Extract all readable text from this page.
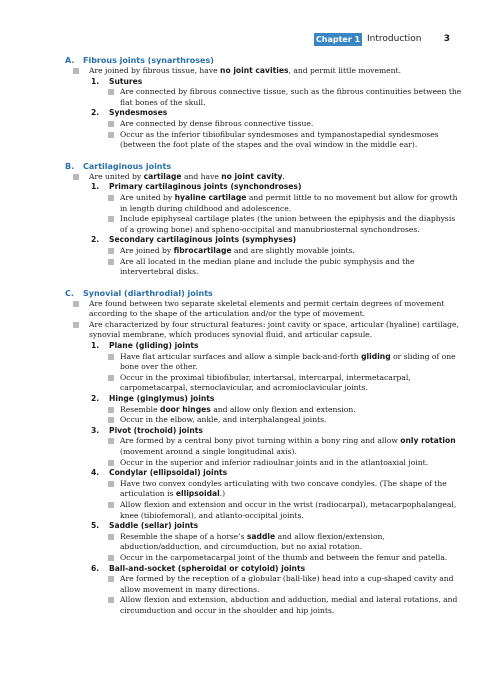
Chapter 1 Introduction 3
A. Fibrous joints (synarthroses)
Are joined by fibrous tissue, have no joint cavities, and permit little movement.
1. Sutures
Are connected by fibrous connective tissue, such as the fibrous continuities between the flat bones of the skull.
2. Syndesmoses
Are connected by dense fibrous connective tissue.
Occur as the inferior tibiofibular syndesmoses and tympanostapedial syndesmoses (between the foot plate of the stapes and the oval window in the middle ear).
B. Cartilaginous joints
Are united by cartilage and have no joint cavity.
1. Primary cartilaginous joints (synchondroses)
Are united by hyaline cartilage and permit little to no movement but allow for growth in length during childhood and adolescence.
Include epiphyseal cartilage plates (the union between the epiphysis and the diaphysis of a growing bone) and spheno-occipital and manubriosternal synchondroses.
2. Secondary cartilaginous joints (symphyses)
Are joined by fibrocartilage and are slightly movable joints.
Are all located in the median plane and include the pubic symphysis and the intervertebral disks.
C. Synovial (diarthrodial) joints
Are found between two separate skeletal elements and permit certain degrees of movement according to the shape of the articulation and/or the type of movement.
Are characterized by four structural features: joint cavity or space, articular (hyaline) cartilage, synovial membrane, which produces synovial fluid, and articular capsule.
1. Plane (gliding) joints
Have flat articular surfaces and allow a simple back-and-forth gliding or sliding of one bone over the other.
Occur in the proximal tibiofibular, intertarsal, intercarpal, intermetacarpal, carpometacarpal, sternoclavicular, and acromioclavicular joints.
2. Hinge (ginglymus) joints
Resemble door hinges and allow only flexion and extension.
Occur in the elbow, ankle, and interphalangeal joints.
3. Pivot (trochoid) joints
Are formed by a central bony pivot turning within a bony ring and allow only rotation (movement around a single longitudinal axis).
Occur in the superior and inferior radioulnar joints and in the atlantoaxial joint.
4. Condylar (ellipsoidal) joints
Have two convex condyles articulating with two concave condyles. (The shape of the articulation is ellipsoidal.)
Allow flexion and extension and occur in the wrist (radiocarpal), metacarpophalangeal, knee (tibiofemoral), and atlanto-occipital joints.
5. Saddle (sellar) joints
Resemble the shape of a horse’s saddle and allow flexion/extension, abduction/adduction, and circumduction, but no axial rotation.
Occur in the carpometacarpal joint of the thumb and between the femur and patella.
6. Ball-and-socket (spheroidal or cotyloid) joints
Are formed by the reception of a globular (ball-like) head into a cup-shaped cavity and allow movement in many directions.
Allow flexion and extension, abduction and adduction, medial and lateral rotations, and circumduction and occur in the shoulder and hip joints.
